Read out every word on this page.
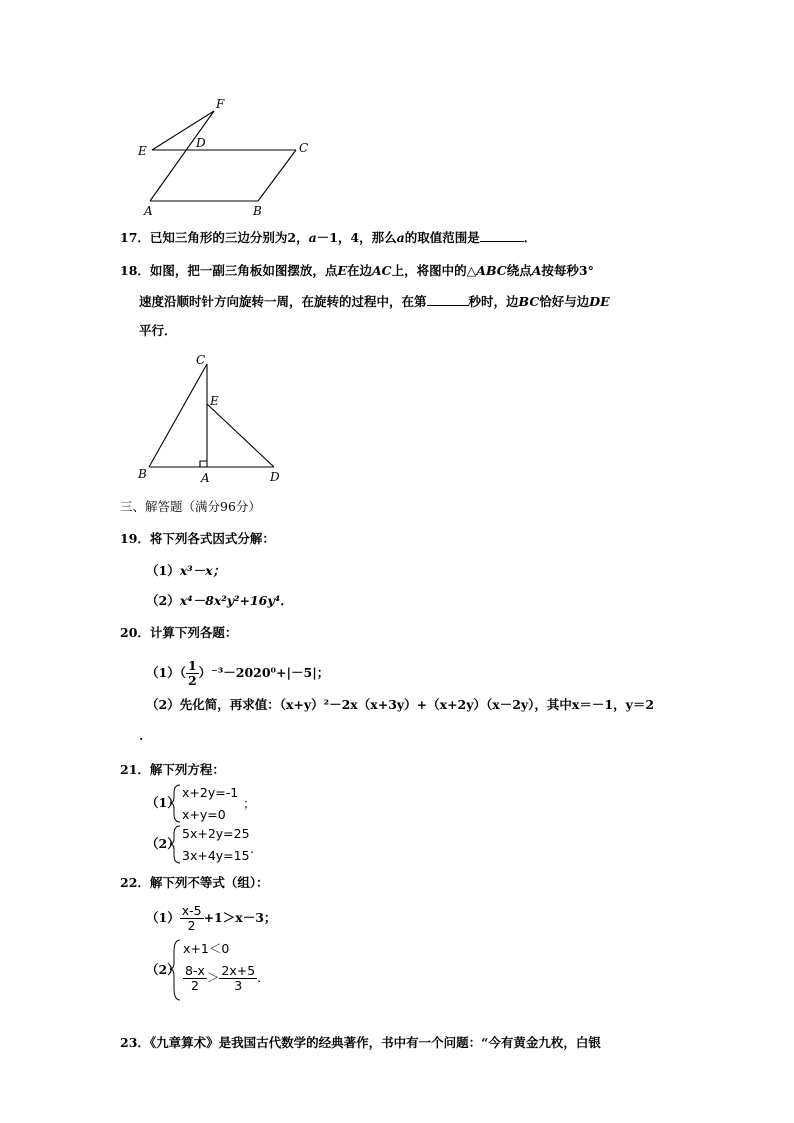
F
E
D	C
A	B
C
E
B	A	D
17．已知三角形的三边分别为2，a－1，4，那么a的取值范围是	．
18．如图，把一副三角板如图摆放，点E在边AC上，将图中的△ABC绕点A按每秒3°
速度沿顺时针方向旋转一周，在旋转的过程中，在第	秒时，边BC恰好与边DE
平行．
三、解答题（满分96分）
19．将下列各式因式分解：
（1）x³－x；
（2）x⁴－8x²y²+16y⁴．
20．计算下列各题：
$(1)( \frac{1}{2} )^{-3}-2020^0+|-5|$；
（2）先化简，再求值：（x+y）²－2x（x+3y）+（x+2y）（x－2y），其中x＝－1，y＝2
.
21．解下列方程：
（1）
x+2y=-1
x+y=0
；
（2）
5x+2y=25
3x+4y=15 .
22．解下列不等式（组）：
$(1) \frac{x-5}{2} +1>x-3$；
（2）
x+1＜0
$\frac{8-x}{2} > \frac{2x+5}{3}$ .
23．《九章算术》是我国古代数学的经典著作，书中有一个问题：“今有黄金九枚，白银
